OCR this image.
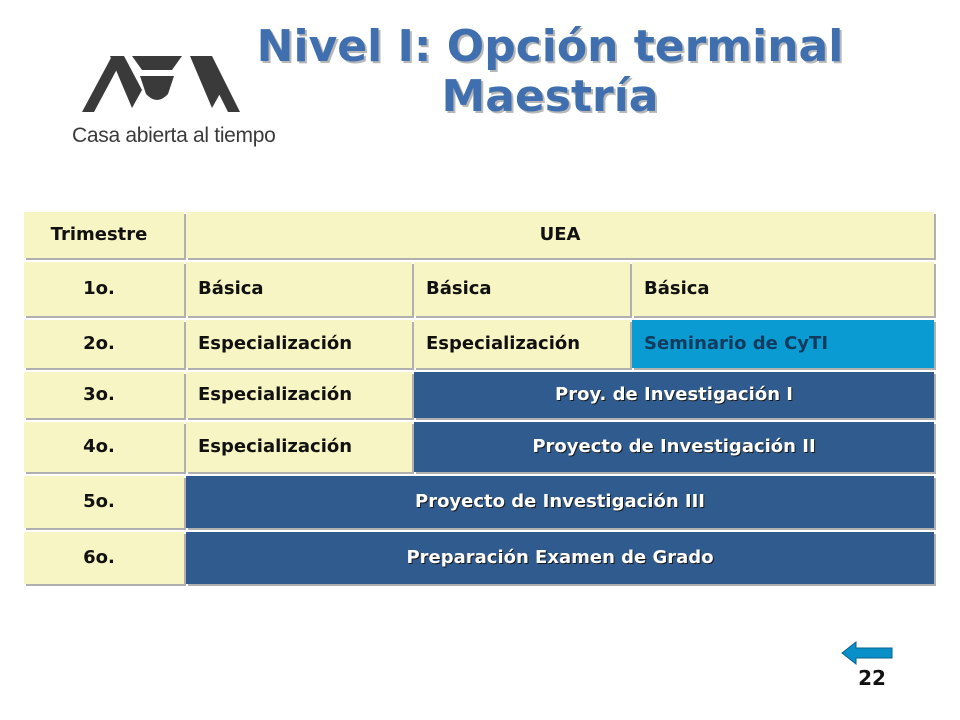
Casa abierta al tiempo
Nivel I: Opción terminal
Maestría
Trimestre	UEA
1o.	Básica	Básica	Básica
2o.	Especialización	Especialización	Seminario de CyTI
3o.	Especialización	Proy. de Investigación I
4o.	Especialización	Proyecto de Investigación II
5o.	Proyecto de Investigación III
6o.	Preparación Examen de Grado
22
